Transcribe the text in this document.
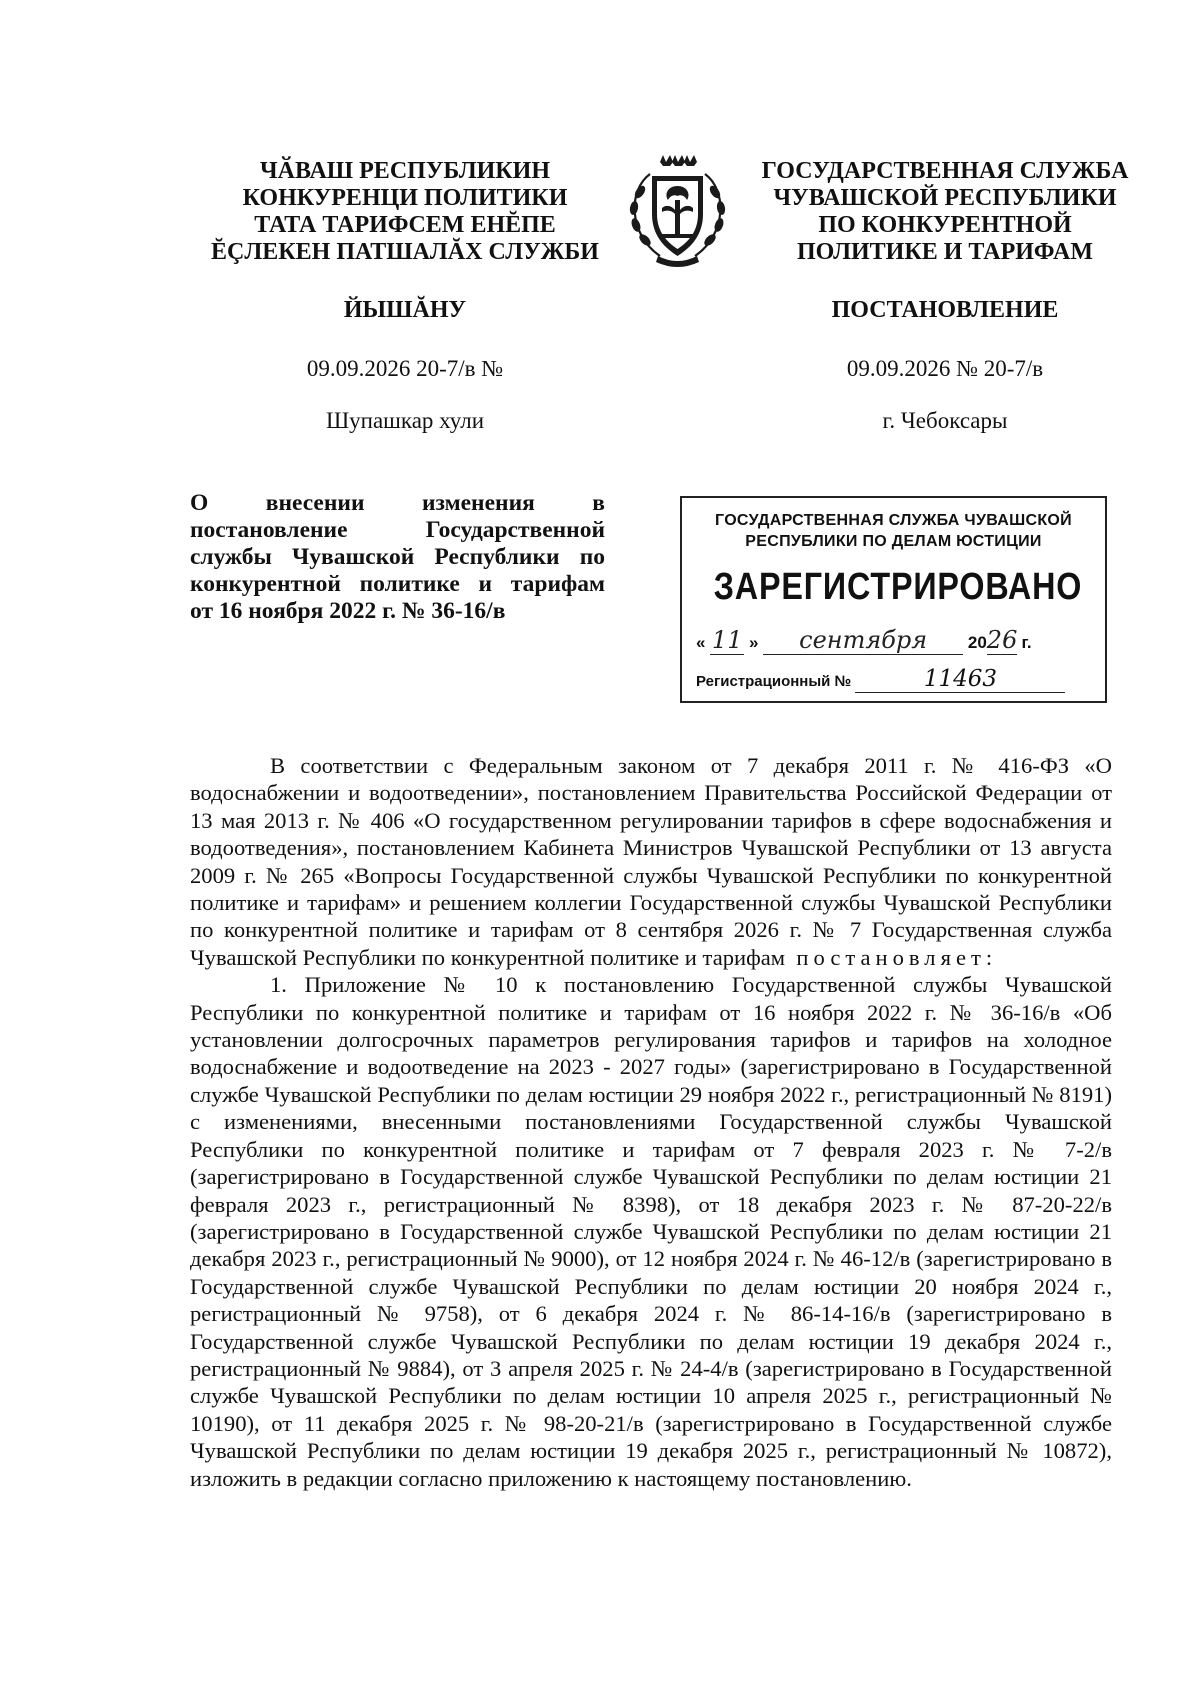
ЧӐВАШ РЕСПУБЛИКИН
КОНКУРЕНЦИ ПОЛИТИКИ
ТАТА ТАРИФСЕМ ЕНĔПЕ
ĔÇЛЕКЕН ПАТШАЛĂХ СЛУЖБИ
ГОСУДАРСТВЕННАЯ СЛУЖБА
ЧУВАШСКОЙ РЕСПУБЛИКИ
ПО КОНКУРЕНТНОЙ
ПОЛИТИКЕ И ТАРИФАМ
ЙЫШĂНУ	ПОСТАНОВЛЕНИЕ
09.09.2026 20-7/в №	09.09.2026 № 20-7/в
Шупашкар хули	г. Чебоксары
О внесении изменения в
постановление Государственной
службы Чувашской Республики по
конкурентной политике и тарифам
от 16 ноября 2022 г. № 36-16/в
ГОСУДАРСТВЕННАЯ СЛУЖБА ЧУВАШСКОЙ
РЕСПУБЛИКИ ПО ДЕЛАМ ЮСТИЦИИ
ЗАРЕГИСТРИРОВАНО
« 11 » сентября 2026 г.
Регистрационный №	11463

В соответствии с Федеральным законом от 7 декабря 2011 г. № 416-ФЗ «О водоснабжении и водоотведении», постановлением Правительства Российской Федерации от 13 мая 2013 г. № 406 «О государственном регулировании тарифов в сфере водоснабжения и водоотведения», постановлением Кабинета Министров Чувашской Республики от 13 августа 2009 г. № 265 «Вопросы Государственной службы Чувашской Республики по конкурентной политике и тарифам» и решением коллегии Государственной службы Чувашской Республики по конкурентной политике и тарифам от 8 сентября 2026 г. № 7 Государственная служба Чувашской Республики по конкурентной политике и тарифам постановляет:

1. Приложение № 10 к постановлению Государственной службы Чувашской Республики по конкурентной политике и тарифам от 16 ноября 2022 г. № 36-16/в «Об установлении долгосрочных параметров регулирования тарифов и тарифов на холодное водоснабжение и водоотведение на 2023 - 2027 годы» (зарегистрировано в Государственной службе Чувашской Республики по делам юстиции 29 ноября 2022 г., регистрационный № 8191) с изменениями, внесенными постановлениями Государственной службы Чувашской Республики по конкурентной политике и тарифам от 7 февраля 2023 г. № 7-2/в (зарегистрировано в Государственной службе Чувашской Республики по делам юстиции 21 февраля 2023 г., регистрационный № 8398), от 18 декабря 2023 г. № 87-20-22/в (зарегистрировано в Государственной службе Чувашской Республики по делам юстиции 21 декабря 2023 г., регистрационный № 9000), от 12 ноября 2024 г. № 46-12/в (зарегистрировано в Государственной службе Чувашской Республики по делам юстиции 20 ноября 2024 г., регистрационный № 9758), от 6 декабря 2024 г. № 86-14-16/в (зарегистрировано в Государственной службе Чувашской Республики по делам юстиции 19 декабря 2024 г., регистрационный № 9884), от 3 апреля 2025 г. № 24-4/в (зарегистрировано в Государственной службе Чувашской Республики по делам юстиции 10 апреля 2025 г., регистрационный № 10190), от 11 декабря 2025 г. № 98-20-21/в (зарегистрировано в Государственной службе Чувашской Республики по делам юстиции 19 декабря 2025 г., регистрационный № 10872), изложить в редакции согласно приложению к настоящему постановлению.
